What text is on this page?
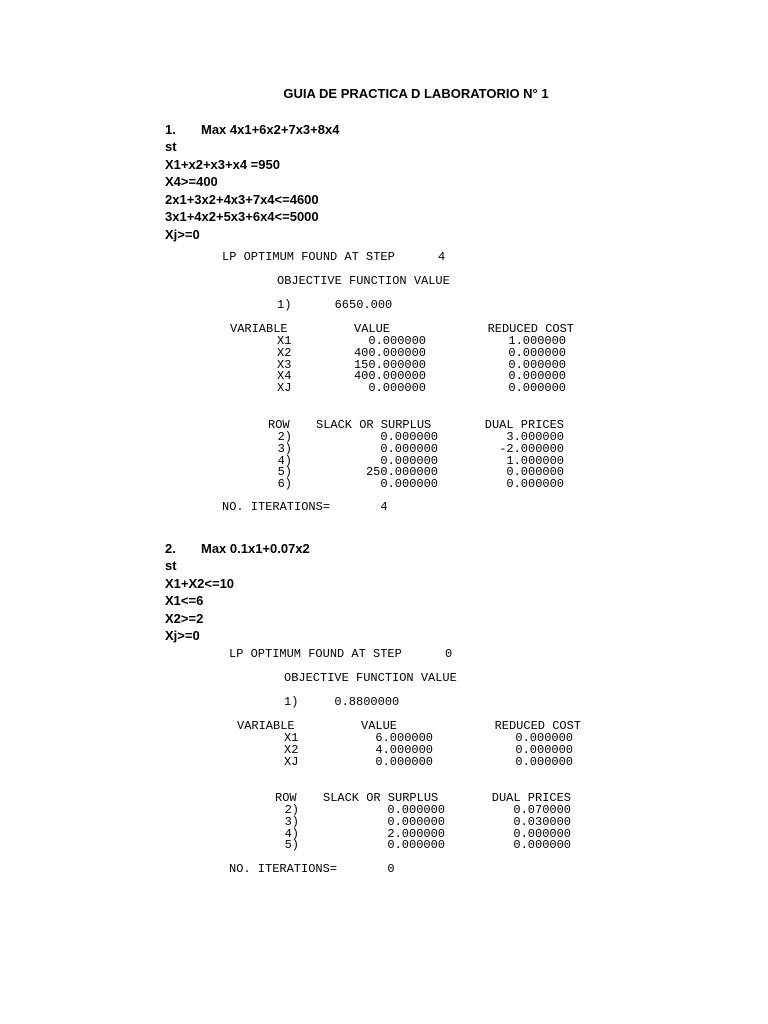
GUIA DE PRACTICA D LABORATORIO N° 1
1. Max 4x1+6x2+7x3+8x4
st
X1+x2+x3+x4 =950
X4>=400
2x1+3x2+4x3+7x4<=4600
3x1+4x2+5x3+6x4<=5000
Xj>=0

LP OPTIMUM FOUND AT STEP      4

OBJECTIVE FUNCTION VALUE

1)      6650.000

VARIABLE	VALUE	REDUCED COST
X1	0.000000	1.000000
X2	400.000000	0.000000
X3	150.000000	0.000000
X4	400.000000	0.000000
XJ	0.000000	0.000000
ROW	SLACK OR SURPLUS	DUAL PRICES
2)	0.000000	3.000000
3)	0.000000	-2.000000
4)	0.000000	1.000000
5)	250.000000	0.000000
6)	0.000000	0.000000

NO. ITERATIONS=       4

2. Max 0.1x1+0.07x2
st
X1+X2<=10
X1<=6
X2>=2
Xj>=0

LP OPTIMUM FOUND AT STEP      0

OBJECTIVE FUNCTION VALUE

1)     0.8800000

VARIABLE	VALUE	REDUCED COST
X1	6.000000	0.000000
X2	4.000000	0.000000
XJ	0.000000	0.000000
ROW	SLACK OR SURPLUS	DUAL PRICES
2)	0.000000	0.070000
3)	0.000000	0.030000
4)	2.000000	0.000000
5)	0.000000	0.000000

NO. ITERATIONS=       0
